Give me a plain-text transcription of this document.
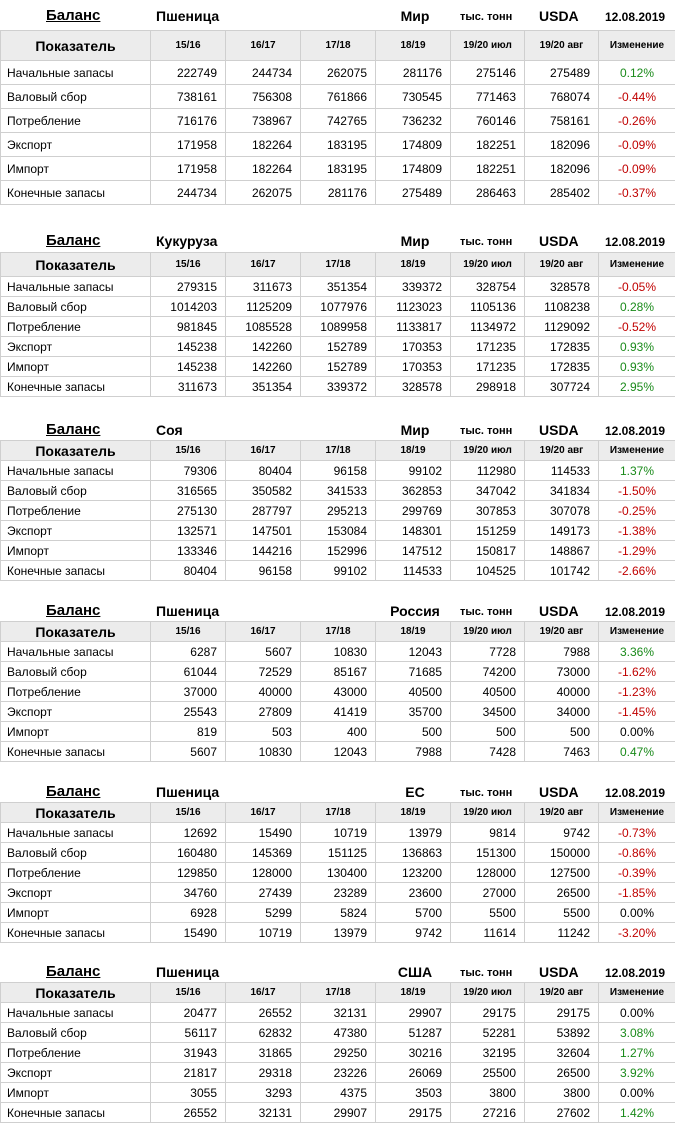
Баланс	Пшеница	Мир	тыс. тонн USDA 12.08.2019
Показатель	15/16	16/17	17/18	18/19	19/20 июл	19/20 авг	Изменение
Начальные запасы	222749	244734	262075	281176	275146	275489	0.12%
Валовый сбор	738161	756308	761866	730545	771463	768074	-0.44%
Потребление	716176	738967	742765	736232	760146	758161	-0.26%
Экспорт	171958	182264	183195	174809	182251	182096	-0.09%
Импорт	171958	182264	183195	174809	182251	182096	-0.09%
Конечные запасы	244734	262075	281176	275489	286463	285402	-0.37%
Баланс	Кукуруза	Мир	тыс. тонн USDA 12.08.2019
Показатель	15/16	16/17	17/18	18/19	19/20 июл	19/20 авг	Изменение
Начальные запасы	279315	311673	351354	339372	328754	328578	-0.05%
Валовый сбор	1014203	1125209	1077976	1123023	1105136	1108238	0.28%
Потребление	981845	1085528	1089958	1133817	1134972	1129092	-0.52%
Экспорт	145238	142260	152789	170353	171235	172835	0.93%
Импорт	145238	142260	152789	170353	171235	172835	0.93%
Конечные запасы	311673	351354	339372	328578	298918	307724	2.95%
Баланс	Соя	Мир	тыс. тонн USDA 12.08.2019
Показатель	15/16	16/17	17/18	18/19	19/20 июл	19/20 авг	Изменение
Начальные запасы	79306	80404	96158	99102	112980	114533	1.37%
Валовый сбор	316565	350582	341533	362853	347042	341834	-1.50%
Потребление	275130	287797	295213	299769	307853	307078	-0.25%
Экспорт	132571	147501	153084	148301	151259	149173	-1.38%
Импорт	133346	144216	152996	147512	150817	148867	-1.29%
Конечные запасы	80404	96158	99102	114533	104525	101742	-2.66%
Баланс	Пшеница	Россия	тыс. тонн USDA 12.08.2019
Показатель	15/16	16/17	17/18	18/19	19/20 июл	19/20 авг	Изменение
Начальные запасы	6287	5607	10830	12043	7728	7988	3.36%
Валовый сбор	61044	72529	85167	71685	74200	73000	-1.62%
Потребление	37000	40000	43000	40500	40500	40000	-1.23%
Экспорт	25543	27809	41419	35700	34500	34000	-1.45%
Импорт	819	503	400	500	500	500	0.00%
Конечные запасы	5607	10830	12043	7988	7428	7463	0.47%
Баланс	Пшеница	ЕС	тыс. тонн USDA 12.08.2019
Показатель	15/16	16/17	17/18	18/19	19/20 июл	19/20 авг	Изменение
Начальные запасы	12692	15490	10719	13979	9814	9742	-0.73%
Валовый сбор	160480	145369	151125	136863	151300	150000	-0.86%
Потребление	129850	128000	130400	123200	128000	127500	-0.39%
Экспорт	34760	27439	23289	23600	27000	26500	-1.85%
Импорт	6928	5299	5824	5700	5500	5500	0.00%
Конечные запасы	15490	10719	13979	9742	11614	11242	-3.20%
Баланс	Пшеница	США	тыс. тонн USDA 12.08.2019
Показатель	15/16	16/17	17/18	18/19	19/20 июл	19/20 авг	Изменение
Начальные запасы	20477	26552	32131	29907	29175	29175	0.00%
Валовый сбор	56117	62832	47380	51287	52281	53892	3.08%
Потребление	31943	31865	29250	30216	32195	32604	1.27%
Экспорт	21817	29318	23226	26069	25500	26500	3.92%
Импорт	3055	3293	4375	3503	3800	3800	0.00%
Конечные запасы	26552	32131	29907	29175	27216	27602	1.42%
